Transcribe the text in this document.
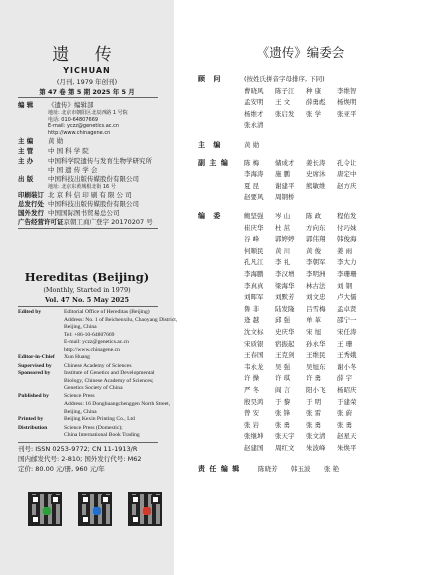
遗 传
YICHUAN
(月刊, 1979 年创刊)
第 47 卷 第 5 期 2025 年 5 月
编 辑 《遗传》编辑部
地址: 北京市朝阳区北辰西路 1 号院
电话: 010-64807669
E-mail: yczz@genetics.ac.cn
http://www.chinagene.cn
主 编 黄 勋
主 管 中 国 科 学 院
主 办 中国科学院遗传与发育生物学研究所
中 国 遗 传 学 会
出 版 中国科技出版传媒股份有限公司
地址: 北京东黄城根北街 16 号
印刷装订 北 京 科 信 印 刷 有 限 公 司
总发行处 中国科技出版传媒股份有限公司
国外发行 中国国际图书贸易总公司
广告经营许可证京朝工商广登字 20170207 号
Hereditas (Beijing)
(Monthly, Started in 1979)
Vol. 47 No. 5 May 2025
Edited by	Editorial Office of Hereditas (Beijing)
Address: No. 1 of Beichenxilu, Chaoyang District,
Beijing, China
Tel: +86-10-64807669
E-mail: yczz@genetics.ac.cn
http://www.chinagene.cn
Editor-in-Chief Xun Huang
Supervised by Chinese Academy of Sciences
Sponsored by Institute of Genetics and Developmental
Biology, Chinese Academy of Sciences;
Genetics Society of China
Published by	Science Press
Address: 16 Donghuangchenggen North Street,
Beijing, China
Printed by	Beijing Kexin Printing Co., Ltd
Distribution	Science Press (Domestic);
China International Book Trading
刊号: ISSN 0253-9772; CN 11-1913/R
国内邮发代号: 2-810; 国外发行代号: M62
定价: 80.00 元/册, 960 元/年
《遗传》编委会
顾 问	(按姓氏拼音字母排序, 下同)
曹晓风	陈子江	种 康	李维智
孟安明	王 文	薛勇彪	杨焕明
杨维才	张启发	张 学	张亚平
张永清
主 编	黄 勋
副 主 编 陈 梅	储成才	姜长涛	孔令让
李海涛	施 鹏	史席沐	唐定中
夏 昆	谢建平	熊敏维	赵方庆
赵要风	周钢桥
编 委	鲍坚强	岑 山	陈 政	程佑发
崔庆华	杜 茁	方向东	付巧妹
谷 峰	郭婷婷	郭伟翔	韩俊海
何顺民	黄 川	黄 俊	姜 雨
孔凡江	李 礼	李朝军	李大力
李海鹏	李汉增	李明洲	李珊珊
李真真	梁海华	林古法	刘 钢
刘晖军	刘默芳	刘文忠	卢大儒
鲁 非	陆发隆	吕雪梅	孟卓贤
逄 越	邱 强	单 革	邵宁一
沈文标	史庆华	宋 旭	宋任涛
宋质银	宿振起	孙永华	王 珊
王春国	王克剑	王维民	王秀娥
韦永龙	吴 强	吴旭东	谢小冬
许 操	许 琪	许 勇	薛 宇
严 冬	阎 言	阳小飞	杨昭庆
殷昊鸿	于 黎	于 明	于建荣
曾 安	张 锋	张 雷	张 蔚
张 岩	张 勇	张 勇	张 勇
张继坤	张天宇	张文清	赵星天
赵建国	周红文	朱波峰	朱焕平
责 任 编 辑	陈晓芳	韩玉波	张 艳
